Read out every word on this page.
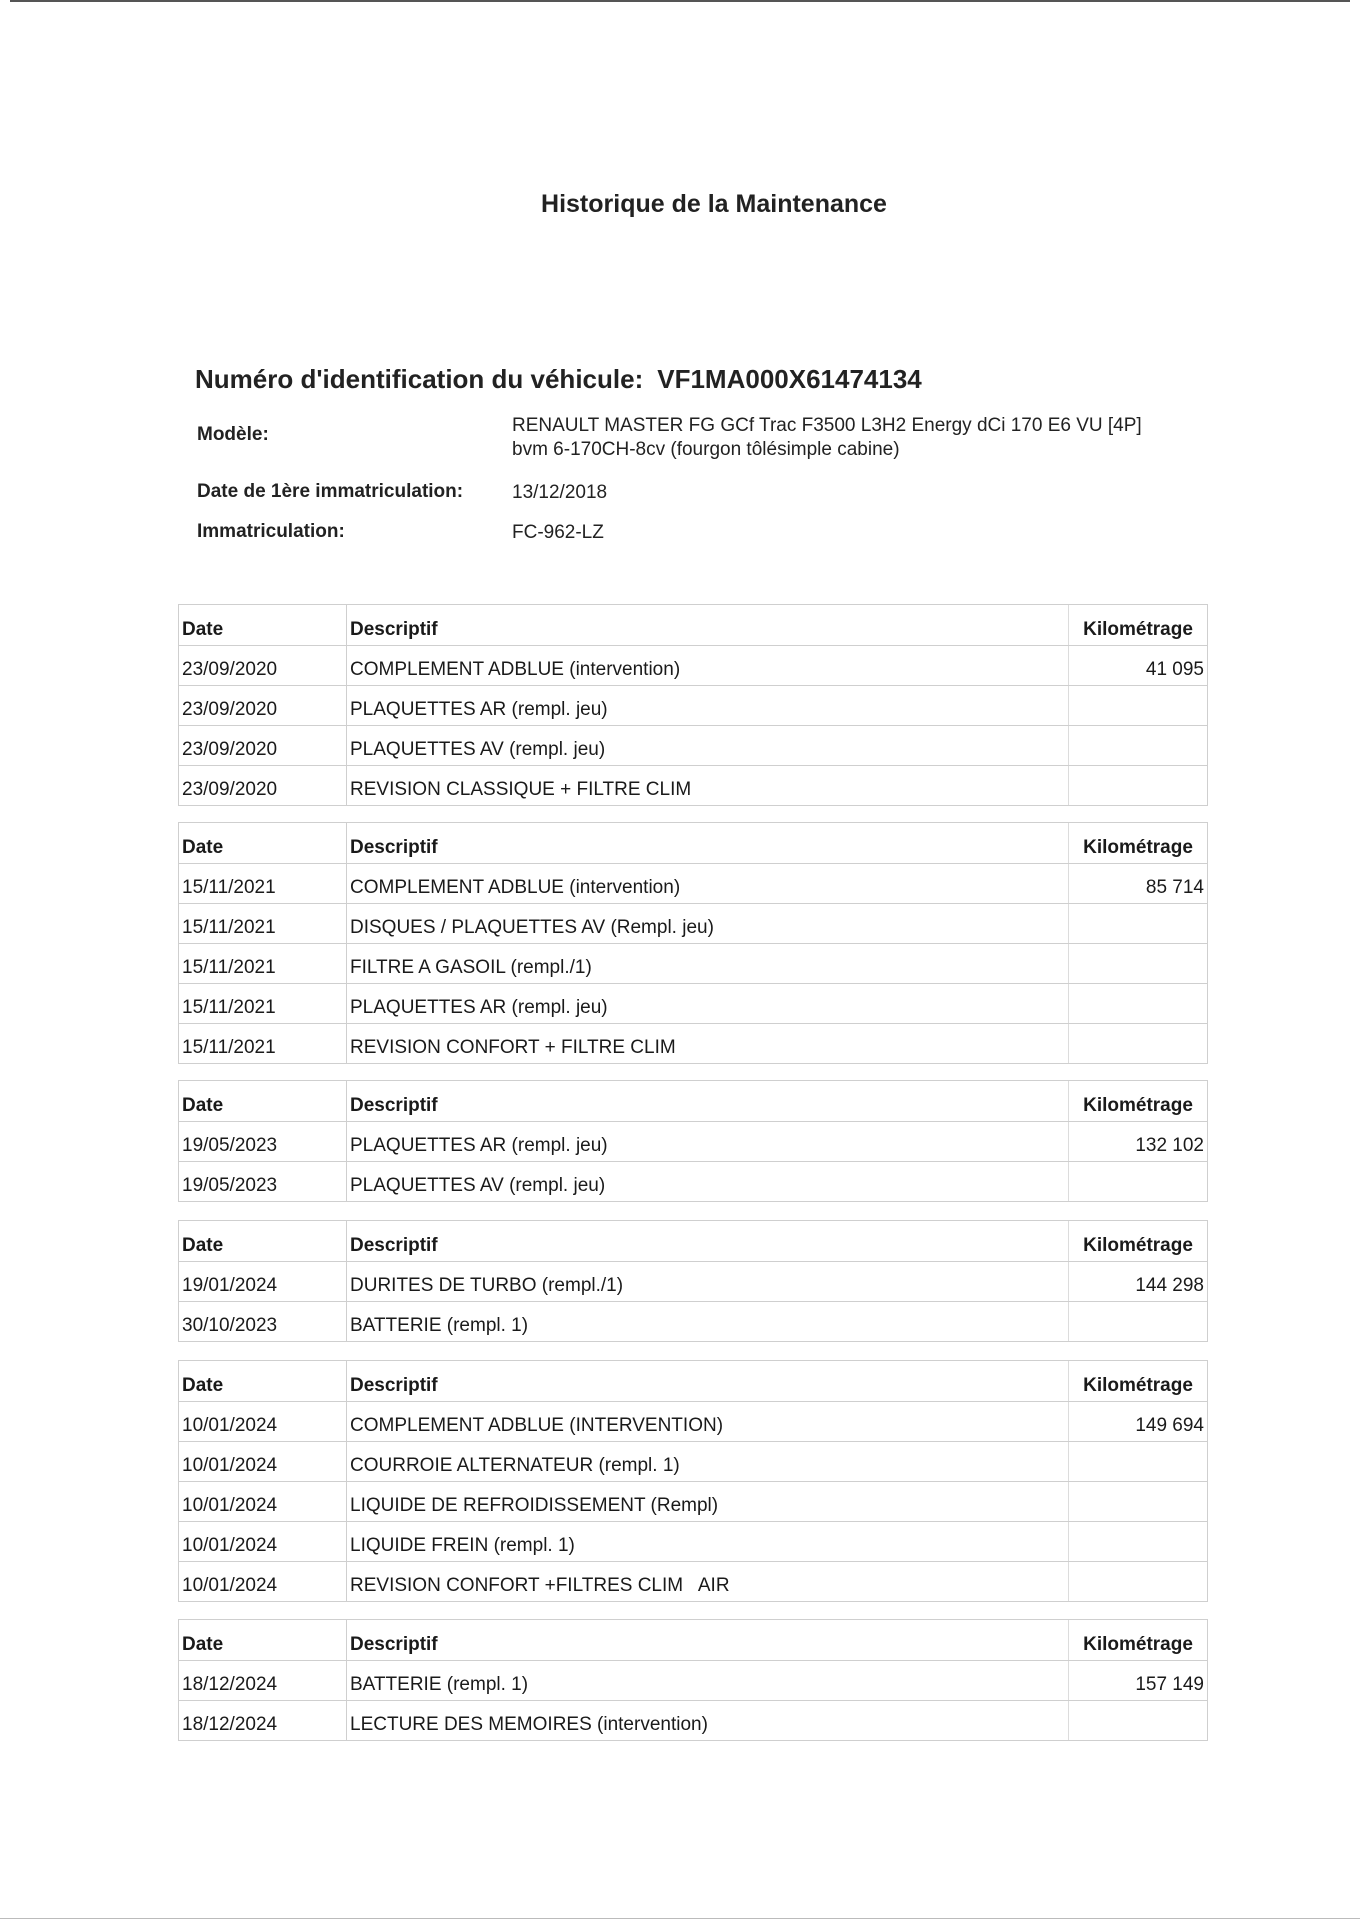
Historique de la Maintenance
Numéro d'identification du véhicule: VF1MA000X61474134
Modèle:	RENAULT MASTER FG GCf Trac F3500 L3H2 Energy dCi 170 E6 VU [4P]
bvm 6-170CH-8cv (fourgon tôlésimple cabine)
Date de 1ère immatriculation:	13/12/2018
Immatriculation:	FC-962-LZ
Date	Descriptif	Kilométrage
23/09/2020	COMPLEMENT ADBLUE (intervention)	41 095
23/09/2020	PLAQUETTES AR (rempl. jeu)
23/09/2020	PLAQUETTES AV (rempl. jeu)
23/09/2020	REVISION CLASSIQUE + FILTRE CLIM
Date	Descriptif	Kilométrage
15/11/2021	COMPLEMENT ADBLUE (intervention)	85 714
15/11/2021	DISQUES / PLAQUETTES AV (Rempl. jeu)
15/11/2021	FILTRE A GASOIL (rempl./1)
15/11/2021	PLAQUETTES AR (rempl. jeu)
15/11/2021	REVISION CONFORT + FILTRE CLIM
Date	Descriptif	Kilométrage
19/05/2023	PLAQUETTES AR (rempl. jeu)	132 102
19/05/2023	PLAQUETTES AV (rempl. jeu)
Date	Descriptif	Kilométrage
19/01/2024	DURITES DE TURBO (rempl./1)	144 298
30/10/2023	BATTERIE (rempl. 1)
Date	Descriptif	Kilométrage
10/01/2024	COMPLEMENT ADBLUE (INTERVENTION)	149 694
10/01/2024	COURROIE ALTERNATEUR (rempl. 1)
10/01/2024	LIQUIDE DE REFROIDISSEMENT (Rempl)
10/01/2024	LIQUIDE FREIN (rempl. 1)
10/01/2024	REVISION CONFORT +FILTRES CLIM   AIR
Date	Descriptif	Kilométrage
18/12/2024	BATTERIE (rempl. 1)	157 149
18/12/2024	LECTURE DES MEMOIRES (intervention)
